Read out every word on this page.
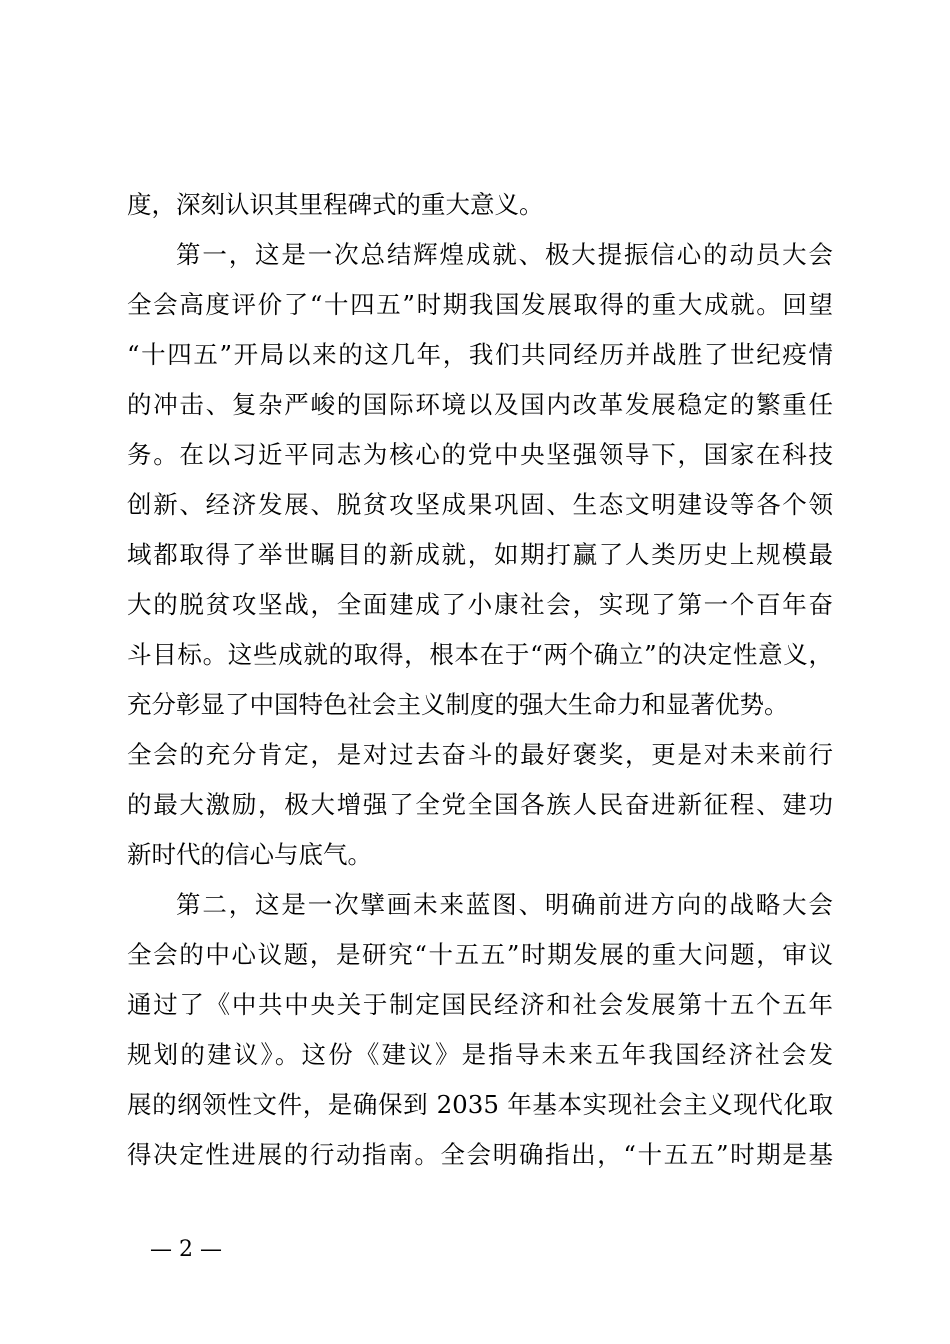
度，深刻认识其里程碑式的重大意义。
第一，这是一次总结辉煌成就、极大提振信心的动员大会
全会高度评价了“十四五”时期我国发展取得的重大成就。回望
“十四五”开局以来的这几年，我们共同经历并战胜了世纪疫情
的冲击、复杂严峻的国际环境以及国内改革发展稳定的繁重任
务。在以习近平同志为核心的党中央坚强领导下，国家在科技
创新、经济发展、脱贫攻坚成果巩固、生态文明建设等各个领
域都取得了举世瞩目的新成就，如期打赢了人类历史上规模最
大的脱贫攻坚战，全面建成了小康社会，实现了第一个百年奋
斗目标。这些成就的取得，根本在于“两个确立”的决定性意义，
充分彰显了中国特色社会主义制度的强大生命力和显著优势。
全会的充分肯定，是对过去奋斗的最好褒奖，更是对未来前行
的最大激励，极大增强了全党全国各族人民奋进新征程、建功
新时代的信心与底气。
第二，这是一次擘画未来蓝图、明确前进方向的战略大会
全会的中心议题，是研究“十五五”时期发展的重大问题，审议
通过了《中共中央关于制定国民经济和社会发展第十五个五年
规划的建议》。这份《建议》是指导未来五年我国经济社会发
展的纲领性文件，是确保到 2035 年基本实现社会主义现代化取
得决定性进展的行动指南。全会明确指出，“十五五”时期是基
— 2 —
